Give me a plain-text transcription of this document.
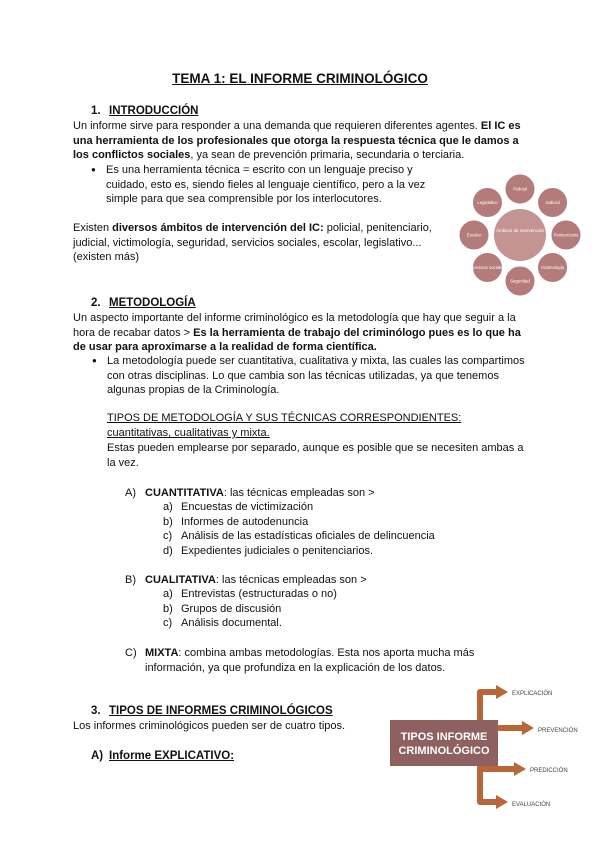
TEMA 1: EL INFORME CRIMINOLÓGICO
1. INTRODUCCIÓN

Un informe sirve para responder a una demanda que requieren diferentes agentes. El IC es una herramienta de los profesionales que otorga la respuesta técnica que le damos a los conflictos sociales, ya sean de prevención primaria, secundaria o terciaria.

● Es una herramienta técnica = escrito con un lenguaje preciso y cuidado, esto es, siendo fieles al lenguaje científico, pero a la vez simple para que sea comprensible por los interlocutores.

Existen diversos ámbitos de intervención del IC: policial, penitenciario, judicial, victimología, seguridad, servicios sociales, escolar, legislativo... (existen más)

Ámbitos de intervención
Policial
Judicial
Penitenciario
Victimología
Seguridad
Servicios sociales
Escolar
Legislativo
2. METODOLOGÍA

Un aspecto importante del informe criminológico es la metodología que hay que seguir a la hora de recabar datos > Es la herramienta de trabajo del criminólogo pues es lo que ha de usar para aproximarse a la realidad de forma científica.

● La metodología puede ser cuantitativa, cualitativa y mixta, las cuales las compartimos con otras disciplinas. Lo que cambia son las técnicas utilizadas, ya que tenemos algunas propias de la Criminología.

TIPOS DE METODOLOGÍA Y SUS TÉCNICAS CORRESPONDIENTES:

cuantitativas, cualitativas y mixta.

Estas pueden emplearse por separado, aunque es posible que se necesiten ambas a la vez.

A) CUANTITATIVA: las técnicas empleadas son >
a) Encuestas de victimización
b) Informes de autodenuncia
c) Análisis de las estadísticas oficiales de delincuencia
d) Expedientes judiciales o penitenciarios.
B) CUALITATIVA: las técnicas empleadas son >
a) Entrevistas (estructuradas o no)
b) Grupos de discusión
c) Análisis documental.
C) MIXTA: combina ambas metodologías. Esta nos aporta mucha más información, ya que profundiza en la explicación de los datos.

3. TIPOS DE INFORMES CRIMINOLÓGICOS

Los informes criminológicos pueden ser de cuatro tipos.

A) Informe EXPLICATIVO:
TIPOS INFORME
CRIMINOLÓGICO
EXPLICACIÓN
PREVENCIÓN
PREDICCIÓN
EVALUACIÓN
